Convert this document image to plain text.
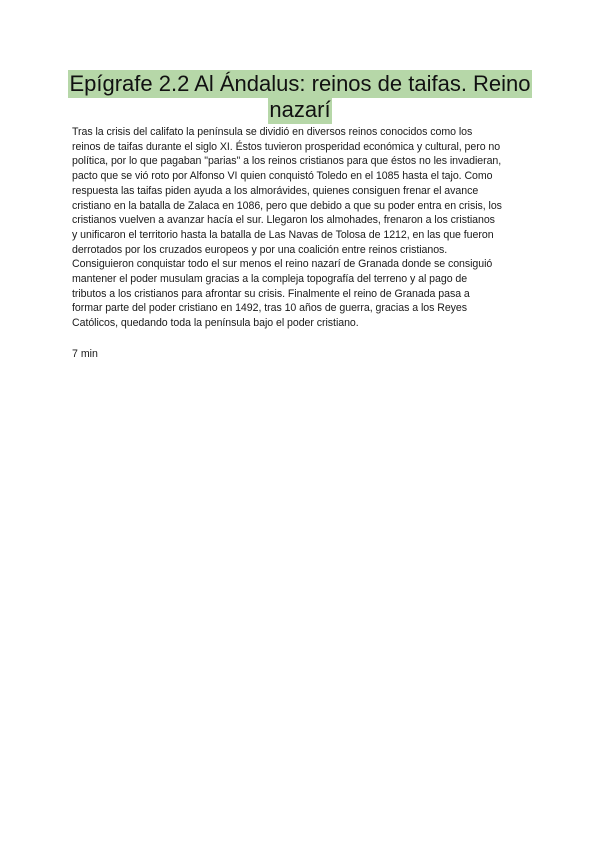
Epígrafe 2.2 Al Ándalus: reinos de taifas. Reino
nazarí

Tras la crisis del califato la península se dividió en diversos reinos conocidos como los
reinos de taifas durante el siglo XI. Éstos tuvieron prosperidad económica y cultural, pero no
política, por lo que pagaban "parias" a los reinos cristianos para que éstos no les invadieran,
pacto que se vió roto por Alfonso VI quien conquistó Toledo en el 1085 hasta el tajo. Como
respuesta las taifas piden ayuda a los almorávides, quienes consiguen frenar el avance
cristiano en la batalla de Zalaca en 1086, pero que debido a que su poder entra en crisis, los
cristianos vuelven a avanzar hacía el sur. Llegaron los almohades, frenaron a los cristianos
y unificaron el territorio hasta la batalla de Las Navas de Tolosa de 1212, en las que fueron
derrotados por los cruzados europeos y por una coalición entre reinos cristianos.
Consiguieron conquistar todo el sur menos el reino nazarí de Granada donde se consiguió
mantener el poder musulam gracias a la compleja topografía del terreno y al pago de
tributos a los cristianos para afrontar su crisis. Finalmente el reino de Granada pasa a
formar parte del poder cristiano en 1492, tras 10 años de guerra, gracias a los Reyes
Católicos, quedando toda la península bajo el poder cristiano.

7 min
